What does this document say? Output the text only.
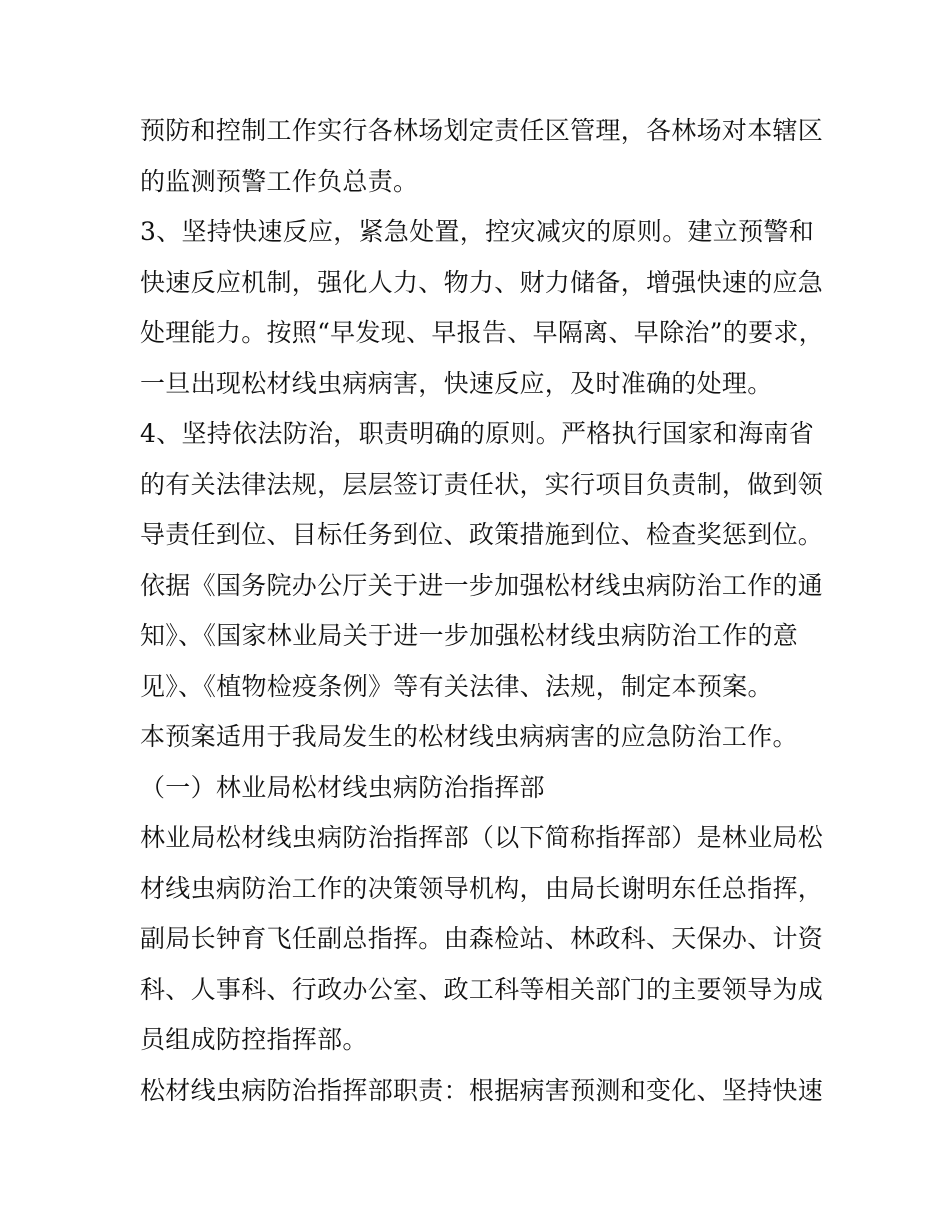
预防和控制工作实行各林场划定责任区管理，各林场对本辖区
的监测预警工作负总责。
3、坚持快速反应，紧急处置，控灾减灾的原则。建立预警和
快速反应机制，强化人力、物力、财力储备，增强快速的应急
处理能力。按照“早发现、早报告、早隔离、早除治”的要求，
一旦出现松材线虫病病害，快速反应，及时准确的处理。
4、坚持依法防治，职责明确的原则。严格执行国家和海南省
的有关法律法规，层层签订责任状，实行项目负责制，做到领
导责任到位、目标任务到位、政策措施到位、检查奖惩到位。
依据《国务院办公厅关于进一步加强松材线虫病防治工作的通
知》、《国家林业局关于进一步加强松材线虫病防治工作的意
见》、《植物检疫条例》等有关法律、法规，制定本预案。
本预案适用于我局发生的松材线虫病病害的应急防治工作。
（一）林业局松材线虫病防治指挥部
林业局松材线虫病防治指挥部（以下简称指挥部）是林业局松
材线虫病防治工作的决策领导机构，由局长谢明东任总指挥，
副局长钟育飞任副总指挥。由森检站、林政科、天保办、计资
科、人事科、行政办公室、政工科等相关部门的主要领导为成
员组成防控指挥部。
松材线虫病防治指挥部职责：根据病害预测和变化、坚持快速
